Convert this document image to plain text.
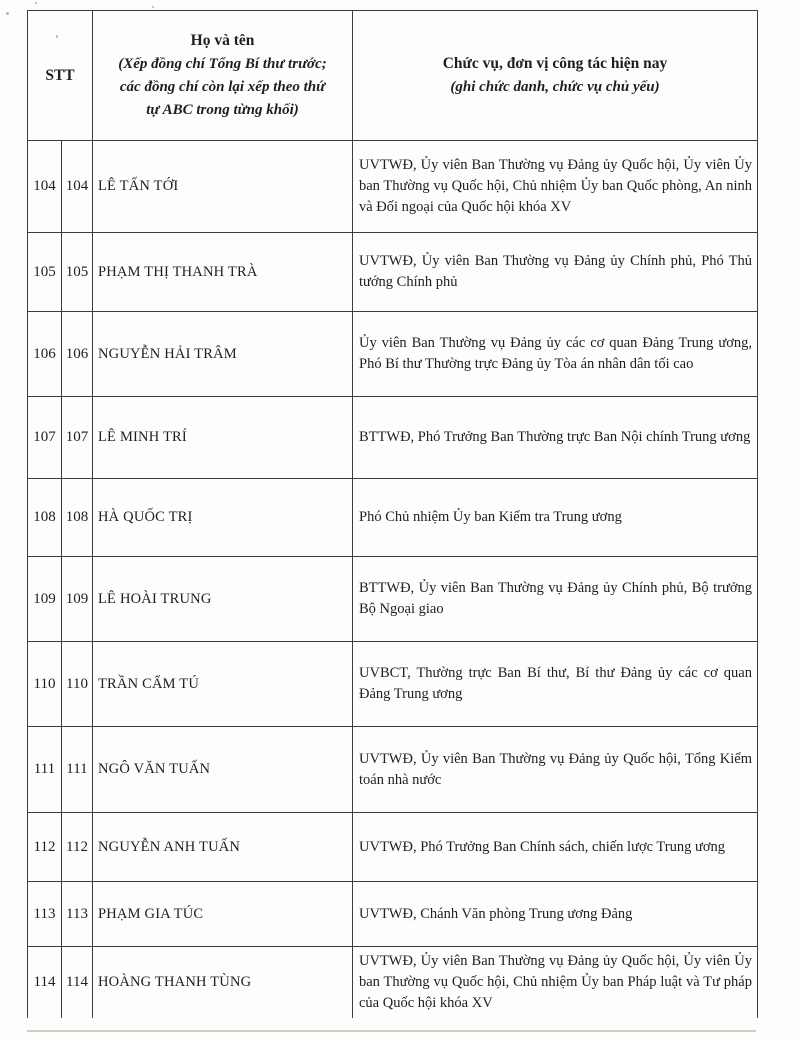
STT	
Họ và tên
(Xếp đồng chí Tổng Bí thư trước; các đồng chí còn lại xếp theo thứ tự ABC trong từng khối)

Chức vụ, đơn vị công tác hiện nay
(ghi chức danh, chức vụ chủ yếu)

104	104	LÊ TẤN TỚI	UVTWĐ, Ủy viên Ban Thường vụ Đảng ủy Quốc hội, Ủy viên Ủy ban Thường vụ Quốc hội, Chủ nhiệm Ủy ban Quốc phòng, An ninh và Đối ngoại của Quốc hội khóa XV
105	105	PHẠM THỊ THANH TRÀ	UVTWĐ, Ủy viên Ban Thường vụ Đảng ủy Chính phủ, Phó Thủ tướng Chính phủ
106	106	NGUYỄN HẢI TRÂM	Ủy viên Ban Thường vụ Đảng ủy các cơ quan Đảng Trung ương, Phó Bí thư Thường trực Đảng ủy Tòa án nhân dân tối cao
107	107	LÊ MINH TRÍ	BTTWĐ, Phó Trưởng Ban Thường trực Ban Nội chính Trung ương
108	108	HÀ QUỐC TRỊ	Phó Chủ nhiệm Ủy ban Kiểm tra Trung ương
109	109	LÊ HOÀI TRUNG	BTTWĐ, Ủy viên Ban Thường vụ Đảng ủy Chính phủ, Bộ trưởng Bộ Ngoại giao
110	110	TRẦN CẨM TÚ	UVBCT, Thường trực Ban Bí thư, Bí thư Đảng ủy các cơ quan Đảng Trung ương
111	111	NGÔ VĂN TUẤN	UVTWĐ, Ủy viên Ban Thường vụ Đảng ủy Quốc hội, Tổng Kiểm toán nhà nước
112	112	NGUYỄN ANH TUẤN	UVTWĐ, Phó Trưởng Ban Chính sách, chiến lược Trung ương
113	113	PHẠM GIA TÚC	UVTWĐ, Chánh Văn phòng Trung ương Đảng
114	114	HOÀNG THANH TÙNG	UVTWĐ, Ủy viên Ban Thường vụ Đảng ủy Quốc hội, Ủy viên Ủy ban Thường vụ Quốc hội, Chủ nhiệm Ủy ban Pháp luật và Tư pháp của Quốc hội khóa XV
